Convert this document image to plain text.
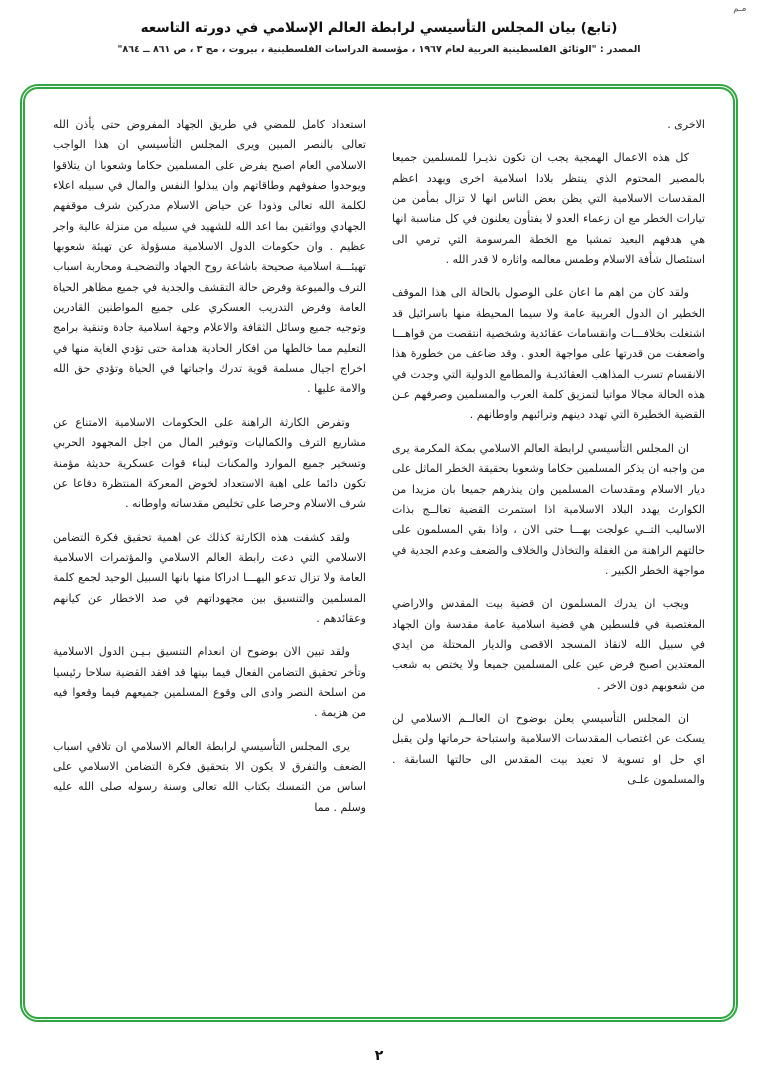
مـم
(تابع) بيان المجلس التأسيسي لرابطة العالم الإسلامي في دورته التاسعه
المصدر : "الوثائق الفلسطينية العربية لعام ١٩٦٧ ، مؤسسة الدراسات الفلسطينية ، بيروت ، مج ٣ ، ص ٨٦١ ــ ٨٦٤"

الاخرى .

كل هذه الاعمال الهمجية يجب ان تكون نذيـرا للمسلمين جميعا بالمصير المحتوم الذي ينتظر بلادا اسلامية اخرى ويهدد اعظم المقدسات الاسلامية التي يظن بعض الناس انها لا تزال بمأمن من تيارات الخطر مع ان زعماء العدو لا يفتأون يعلنون في كل مناسبة انها هي هدفهم البعيد تمشيا مع الخطة المرسومة التي ترمي الى استئصال شأفة الاسلام وطمس معالمه واثاره لا قدر الله .

ولقد كان من اهم ما اعان على الوصول بالحالة الى هذا الموقف الخطير ان الدول العربية عامة ولا سيما المحيطة منها باسرائيل قد اشتغلت بخلافـــات وانقسامات عقائدية وشخصية انتقصت من قواهـــا واضعفت من قدرتها على مواجهة العدو . وقد ضاعف من خطورة هذا الانقسام تسرب المذاهب العقائديـة والمطامع الدولية التي وجدت في هذه الحالة مجالا مواتيا لتمزيق كلمة العرب والمسلمين وصرفهم عـن القضية الخطيرة التي تهدد دينهم وترائبهم واوطانهم .

ان المجلس التأسيسي لرابطة العالم الاسلامي بمكة المكرمة يرى من واجبه ان يذكر المسلمين حكاما وشعوبا بحقيقة الخطر الماثل على ديار الاسلام ومقدسات المسلمين وان ينذرهم جميعا بان مزيدا من الكوارث يهدد البلاد الاسلامية اذا استمرت القضية تعالــج بذات الاساليب التــي عولجت بهـــا حتى الان ، واذا بقي المسلمون على حالتهم الراهنة من الغفلة والتخاذل والخلاف والضعف وعدم الجدية في مواجهة الخطر الكبير .

ويجب ان يدرك المسلمون ان قضية بيت المقدس والاراضي المغتصبة في فلسطين هي قضية اسلامية عامة مقدسة وان الجهاد في سبيل الله لانقاذ المسجد الاقصى والديار المحتلة من ايدي المعتدين اصبح فرض عين على المسلمين جميعا ولا يختص به شعب من شعوبهم دون الاخر .

ان المجلس التأسيسي يعلن بوضوح ان العالــم الاسلامي لن يسكت عن اغتصاب المقدسات الاسلامية واستباحة حرماتها ولن يقبل اي حل او تسوية لا تعيد بيت المقدس الى حالتها السابقة . والمسلمون علـى

استعداد كامل للمضي في طريق الجهاد المفروض حتى يأذن الله تعالى بالنصر المبين ويرى المجلس التأسيسي ان هذا الواجب الاسلامي العام اصبح يفرض على المسلمين حكاما وشعوبا ان يتلاقوا ويوحدوا صفوفهم وطاقاتهم وان يبذلوا النفس والمال في سبيله اعلاء لكلمة الله تعالى وذودا عن حياض الاسلام مدركين شرف موقفهم الجهادي وواثقين بما اعد الله للشهيد في سبيله من منزلة عالية واجر عظيم . وان حكومات الدول الاسلامية مسؤولة عن تهيئة شعوبها تهيئـــة اسلامية صحيحة باشاعة روح الجهاد والتضحيـة ومحاربة اسباب الترف والميوعة وفرض حالة التقشف والجدية في جميع مظاهر الحياة العامة وفرض التدريب العسكري على جميع المواطنين القادرين وتوجيه جميع وسائل الثقافة والاعلام وجهة اسلامية جادة وتنقية برامج التعليم مما خالطها من افكار الحادية هدامة حتى تؤدي الغاية منها في اخراج اجيال مسلمة قوية تدرك واجباتها في الحياة وتؤدي حق الله والامة عليها .

وتفرض الكارثة الراهنة على الحكومات الاسلامية الامتناع عن مشاريع الترف والكماليات وتوفير المال من اجل المجهود الحربي وتسخير جميع الموارد والمكنات لبناء قوات عسكرية حديثة مؤمنة تكون دائما على اهبة الاستعداد لخوض المعركة المنتظرة دفاعا عن شرف الاسلام وحرصا على تخليص مقدساته واوطانه .

ولقد كشفت هذه الكارثة كذلك عن اهمية تحقيق فكرة التضامن الاسلامي التي دعت رابطة العالم الاسلامي والمؤتمرات الاسلامية العامة ولا تزال تدعو اليهـــا ادراكا منها بانها السبيل الوحيد لجمع كلمة المسلمين والتنسيق بين مجهوداتهم في صد الاخطار عن كيانهم وعقائدهم .

ولقد تبين الان بوضوح ان انعدام التنسيق بـيـن الدول الاسلامية وتأخر تحقيق التضامن الفعال فيما بينها قد افقد القضية سلاحا رئيسيا من اسلحة النصر وادى الى وقوع المسلمين جميعهم فيما وقعوا فيه من هزيمة .

يرى المجلس التأسيسي لرابطة العالم الاسلامي ان تلافي اسباب الضعف والتفرق لا يكون الا بتحقيق فكرة التضامن الاسلامي على اساس من التمسك بكتاب الله تعالى وسنة رسوله صلى الله عليه وسلم . مما

٢
